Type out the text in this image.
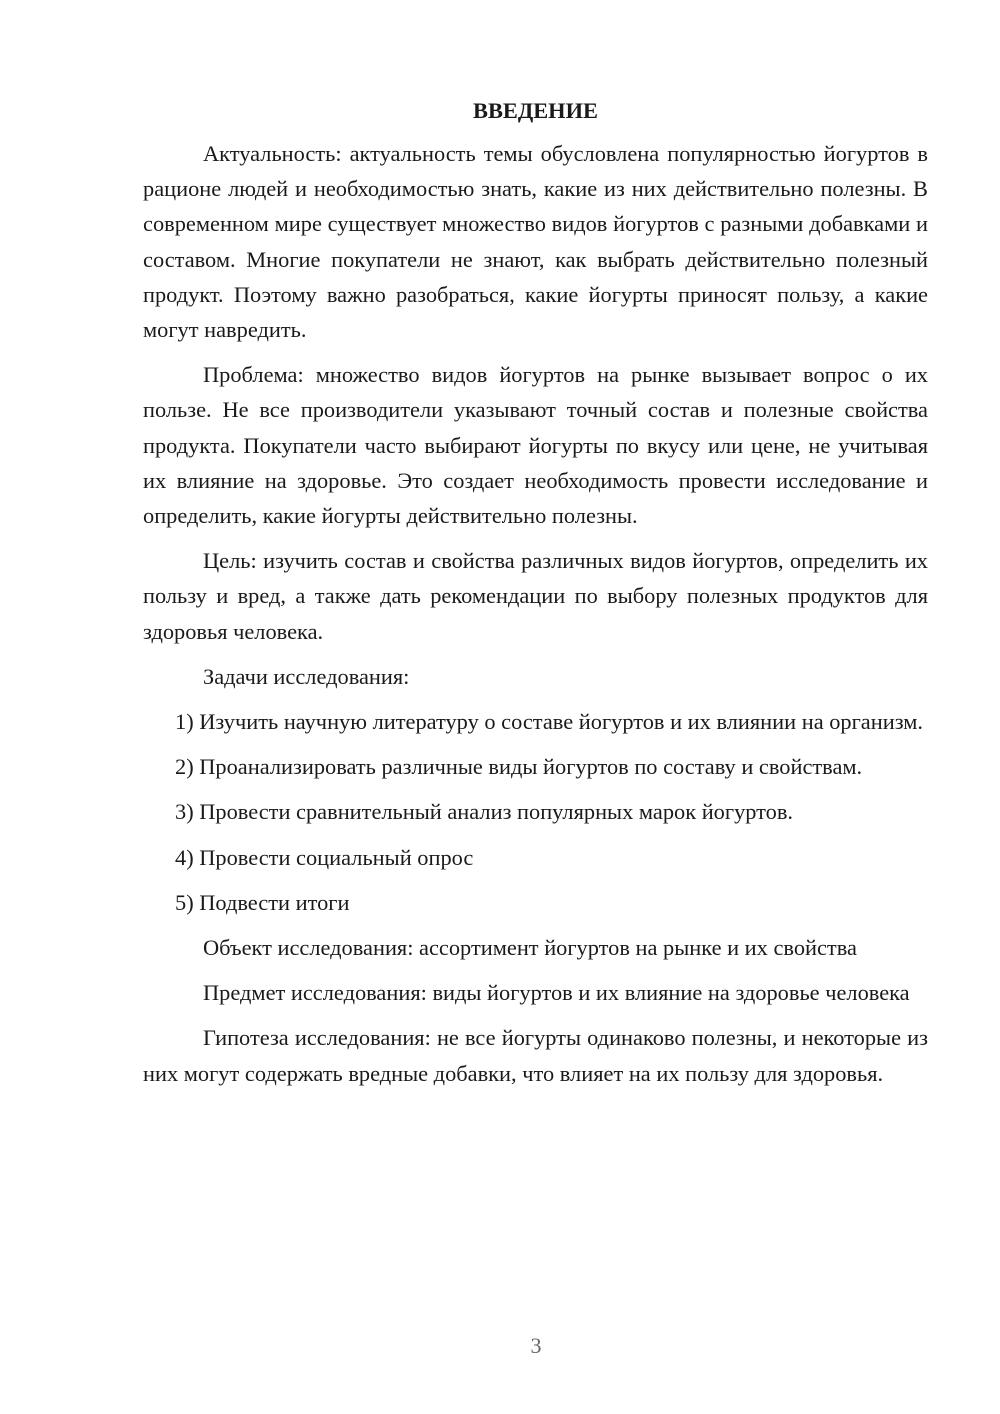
ВВЕДЕНИЕ

Актуальность: актуальность темы обусловлена популярностью йогуртов в рационе людей и необходимостью знать, какие из них действительно полезны. В современном мире существует множество видов йогуртов с разными добавками и составом. Многие покупатели не знают, как выбрать действительно полезный продукт. Поэтому важно разобраться, какие йогурты приносят пользу, а какие могут навредить.

Проблема: множество видов йогуртов на рынке вызывает вопрос о их пользе. Не все производители указывают точный состав и полезные свойства продукта. Покупатели часто выбирают йогурты по вкусу или цене, не учитывая их влияние на здоровье. Это создает необходимость провести исследование и определить, какие йогурты действительно полезны.

Цель: изучить состав и свойства различных видов йогуртов, определить их пользу и вред, а также дать рекомендации по выбору полезных продуктов для здоровья человека.

Задачи исследования:

1) Изучить научную литературу о составе йогуртов и их влиянии на организм.

2) Проанализировать различные виды йогуртов по составу и свойствам.

3) Провести сравнительный анализ популярных марок йогуртов.

4) Провести социальный опрос

5) Подвести итоги

Объект исследования: ассортимент йогуртов на рынке и их свойства

Предмет исследования: виды йогуртов и их влияние на здоровье человека

Гипотеза исследования: не все йогурты одинаково полезны, и некоторые из них могут содержать вредные добавки, что влияет на их пользу для здоровья.

3
